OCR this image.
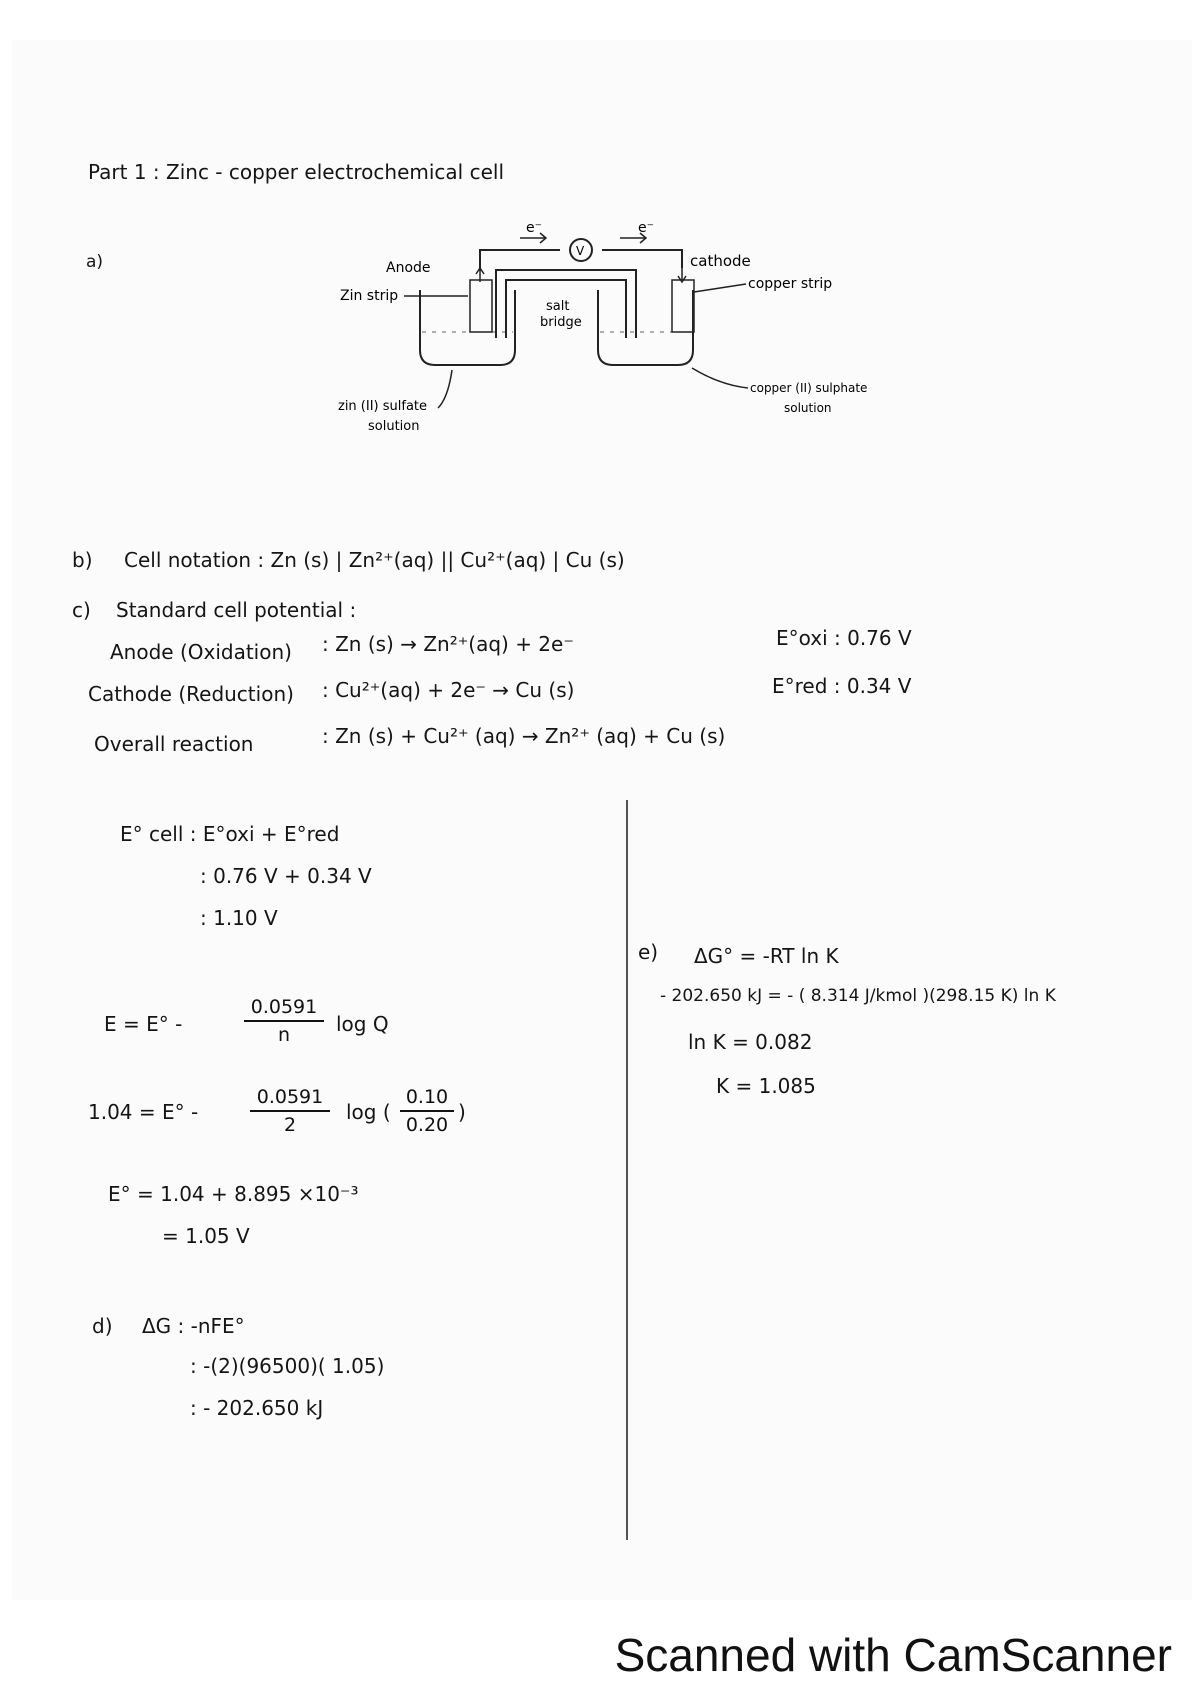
Part 1 : Zinc - copper electrochemical cell
a)
V
e⁻	e⁻
Anode	cathode
Zin strip
copper strip
salt
bridge
zin (II) sulfate
solution
copper (II) sulphate
solution
b) Cell notation : Zn (s) | Zn²⁺(aq) || Cu²⁺(aq) | Cu (s)
c) Standard cell potential :
Anode (Oxidation) : Zn (s) → Zn²⁺(aq) + 2e⁻	E°oxi : 0.76 V
Cathode (Reduction) : Cu²⁺(aq) + 2e⁻ → Cu (s)	E°red : 0.34 V
Overall reaction	: Zn (s) + Cu²⁺ (aq) → Zn²⁺ (aq) + Cu (s)
E° cell : E°oxi + E°red
: 0.76 V + 0.34 V
: 1.10 V
E = E° -	$\frac{0.0591}{n}$ log Q
1.04 = E° -	$\frac{0.0591}{2}$ log ( $\frac{0.10}{0.20}$ )
E° = 1.04 + 8.895 ×10⁻³
= 1.05 V
d) ΔG : -nFE°
: -(2)(96500)( 1.05)
: - 202.650 kJ
e) ΔG° = -RT ln K
- 202.650 kJ = - ( 8.314 J/kmol )(298.15 K) ln K
ln K = 0.082
K = 1.085
Scanned with CamScanner
